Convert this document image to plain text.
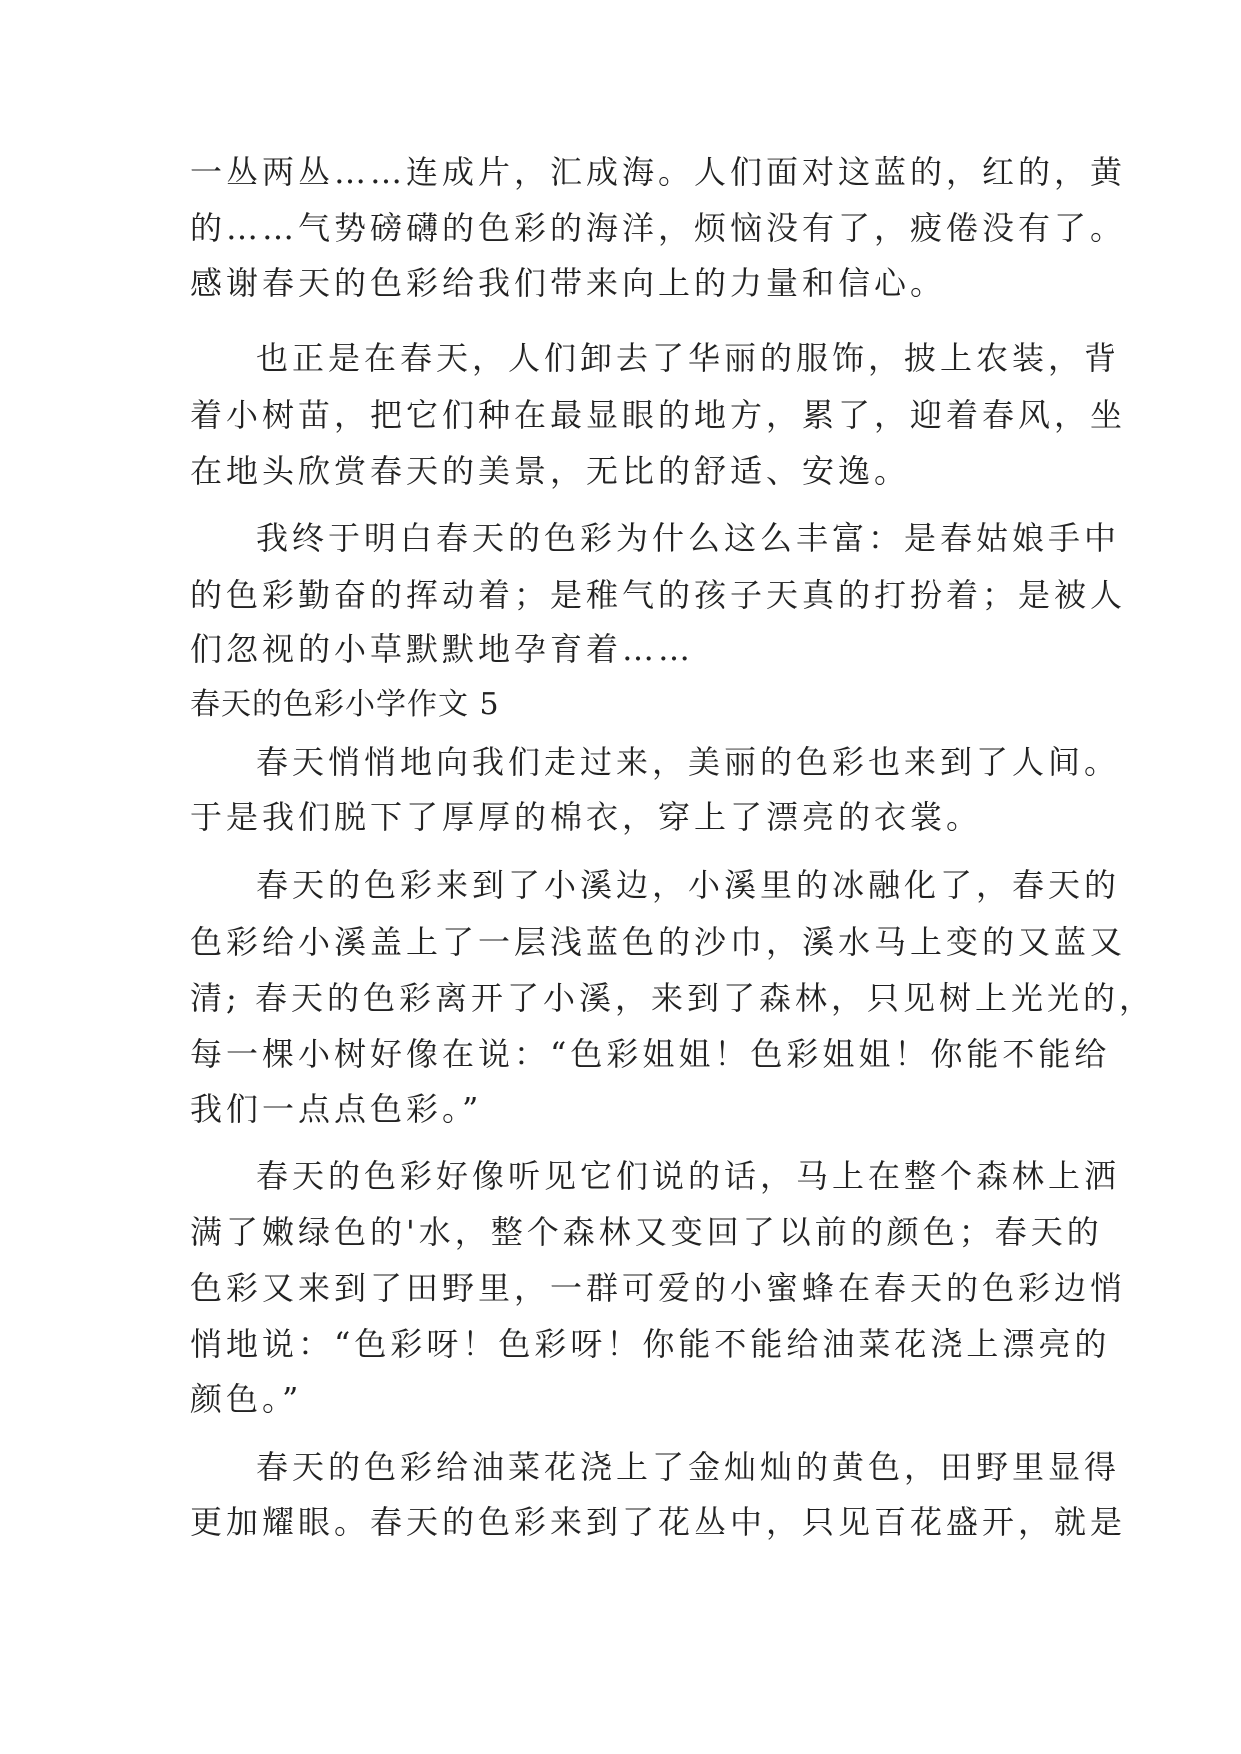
一丛两丛……连成片，汇成海。人们面对这蓝的，红的，黄

的……气势磅礴的色彩的海洋，烦恼没有了，疲倦没有了。

感谢春天的色彩给我们带来向上的力量和信心。

也正是在春天，人们卸去了华丽的服饰，披上农装，背

着小树苗，把它们种在最显眼的地方，累了，迎着春风，坐

在地头欣赏春天的美景，无比的舒适、安逸。

我终于明白春天的色彩为什么这么丰富：是春姑娘手中

的色彩勤奋的挥动着；是稚气的孩子天真的打扮着；是被人

们忽视的小草默默地孕育着……

春天的色彩小学作文 5

春天悄悄地向我们走过来，美丽的色彩也来到了人间。

于是我们脱下了厚厚的棉衣，穿上了漂亮的衣裳。

春天的色彩来到了小溪边，小溪里的冰融化了，春天的

色彩给小溪盖上了一层浅蓝色的沙巾，溪水马上变的又蓝又

清; 春天的色彩离开了小溪，来到了森林，只见树上光光的，

每一棵小树好像在说：“色彩姐姐！色彩姐姐！你能不能给

我们一点点色彩。”

春天的色彩好像听见它们说的话，马上在整个森林上洒

满了嫩绿色的'水，整个森林又变回了以前的颜色；春天的

色彩又来到了田野里，一群可爱的小蜜蜂在春天的色彩边悄

悄地说：“色彩呀！色彩呀！你能不能给油菜花浇上漂亮的

颜色。”

春天的色彩给油菜花浇上了金灿灿的黄色，田野里显得

更加耀眼。春天的色彩来到了花丛中，只见百花盛开，就是
